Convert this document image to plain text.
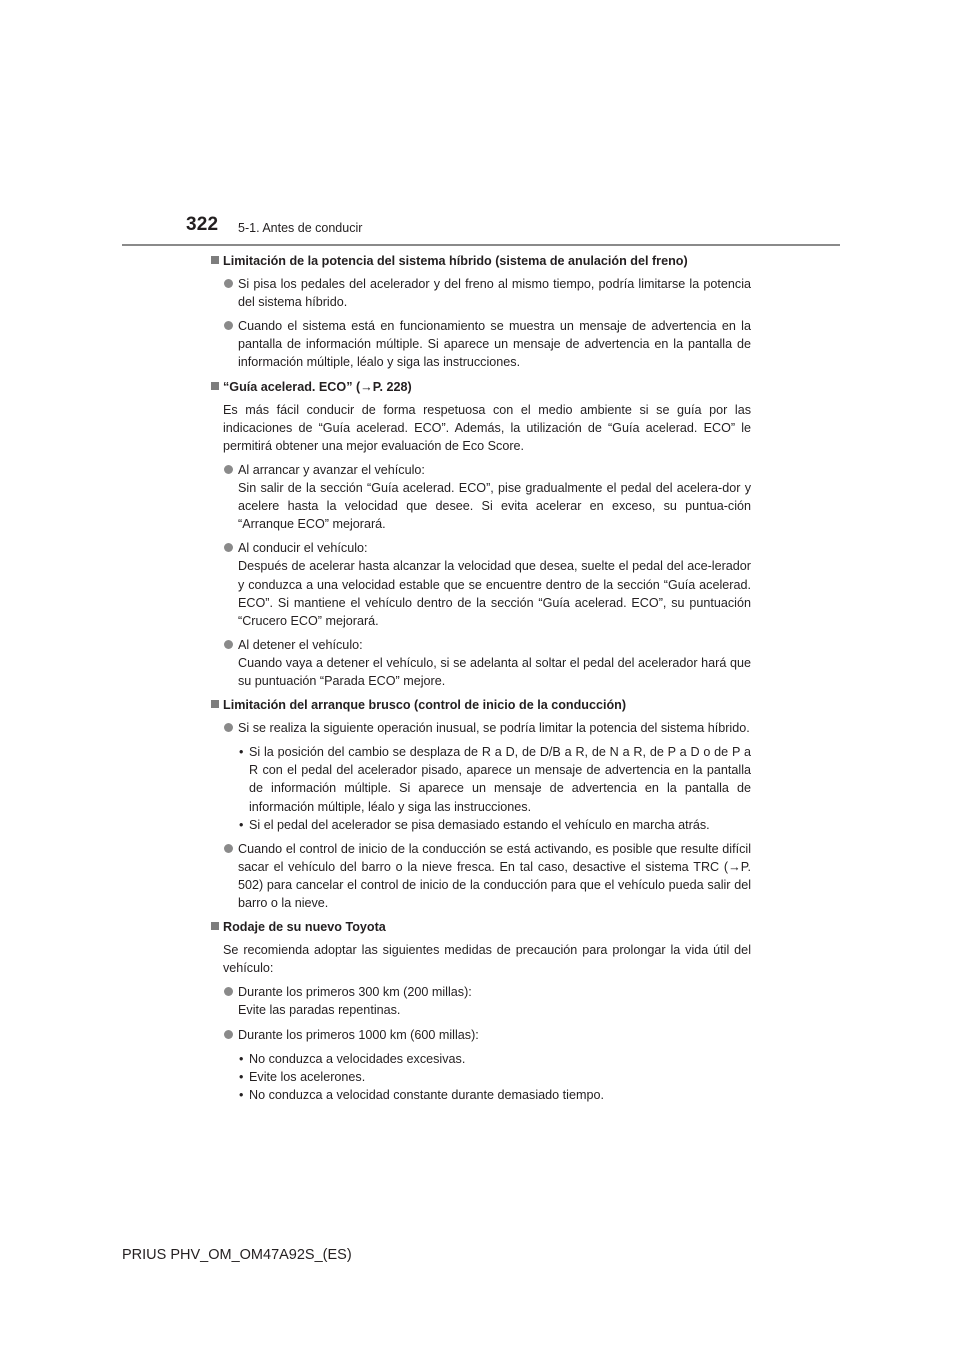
322 5-1. Antes de conducir
Limitación de la potencia del sistema híbrido (sistema de anulación del freno)
Si pisa los pedales del acelerador y del freno al mismo tiempo, podría limitarse la potencia del sistema híbrido.
Cuando el sistema está en funcionamiento se muestra un mensaje de advertencia en la pantalla de información múltiple. Si aparece un mensaje de advertencia en la pantalla de información múltiple, léalo y siga las instrucciones.
“Guía acelerad. ECO” (→P. 228)
Es más fácil conducir de forma respetuosa con el medio ambiente si se guía por las indicaciones de “Guía acelerad. ECO”. Además, la utilización de “Guía acelerad. ECO” le permitirá obtener una mejor evaluación de Eco Score.
Al arrancar y avanzar el vehículo:
Sin salir de la sección “Guía acelerad. ECO”, pise gradualmente el pedal del acelera-dor y acelere hasta la velocidad que desee. Si evita acelerar en exceso, su puntua-ción “Arranque ECO” mejorará.
Al conducir el vehículo:
Después de acelerar hasta alcanzar la velocidad que desea, suelte el pedal del ace-lerador y conduzca a una velocidad estable que se encuentre dentro de la sección “Guía acelerad. ECO”. Si mantiene el vehículo dentro de la sección “Guía acelerad. ECO”, su puntuación “Crucero ECO” mejorará.
Al detener el vehículo:
Cuando vaya a detener el vehículo, si se adelanta al soltar el pedal del acelerador hará que su puntuación “Parada ECO” mejore.
Limitación del arranque brusco (control de inicio de la conducción)
Si se realiza la siguiente operación inusual, se podría limitar la potencia del sistema híbrido.
• Si la posición del cambio se desplaza de R a D, de D/B a R, de N a R, de P a D o de P a R con el pedal del acelerador pisado, aparece un mensaje de advertencia en la pantalla de información múltiple. Si aparece un mensaje de advertencia en la pantalla de información múltiple, léalo y siga las instrucciones.
• Si el pedal del acelerador se pisa demasiado estando el vehículo en marcha atrás.
Cuando el control de inicio de la conducción se está activando, es posible que resulte difícil sacar el vehículo del barro o la nieve fresca. En tal caso, desactive el sistema TRC (→P. 502) para cancelar el control de inicio de la conducción para que el vehículo pueda salir del barro o la nieve.
Rodaje de su nuevo Toyota
Se recomienda adoptar las siguientes medidas de precaución para prolongar la vida útil del vehículo:
Durante los primeros 300 km (200 millas):
Evite las paradas repentinas.
Durante los primeros 1000 km (600 millas):
• No conduzca a velocidades excesivas.
• Evite los acelerones.
• No conduzca a velocidad constante durante demasiado tiempo.
PRIUS PHV_OM_OM47A92S_(ES)
